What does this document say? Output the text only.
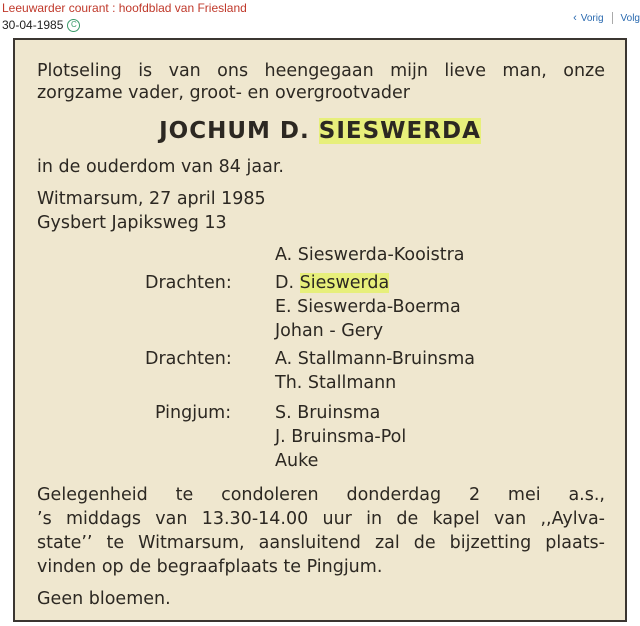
Leeuwarder courant : hoofdblad van Friesland
30-04-1985 C
‹ Vorig Volg
Plotseling is van ons heengegaan mijn lieve man, onze
zorgzame vader, groot- en overgrootvader
JOCHUM D. SIESWERDA
in de ouderdom van 84 jaar.
Witmarsum, 27 april 1985
Gysbert Japiksweg 13
A. Sieswerda-Kooistra
Drachten: D. Sieswerda
E. Sieswerda-Boerma
Johan - Gery
Drachten: A. Stallmann-Bruinsma
Th. Stallmann
Pingjum:	S. Bruinsma
J. Bruinsma-Pol
Auke
Gelegenheid te condoleren donderdag 2 mei a.s.,
’s middags van 13.30-14.00 uur in de kapel van ,,Aylva-
state’’ te Witmarsum, aansluitend zal de bijzetting plaats-
vinden op de begraafplaats te Pingjum.
Geen bloemen.
